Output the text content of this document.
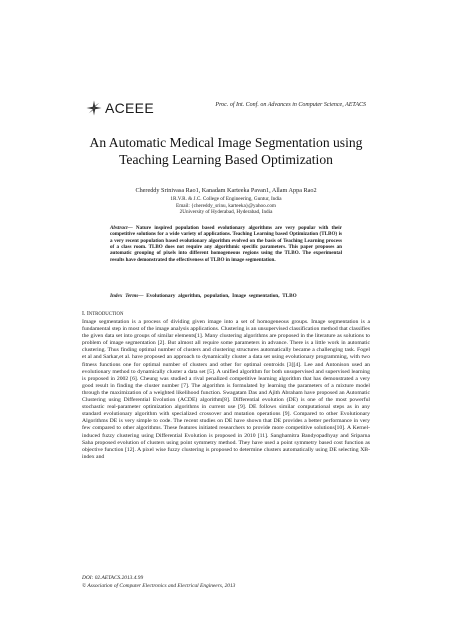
ACEEE	Proc. of Int. Conf. on Advances in Computer Science, AETACS
An Automatic Medical Image Segmentation using
Teaching Learning Based Optimization
Chereddy Srinivasa Rao1, Kanadam Karteeka Pavan1, Allam Appa Rao2
1R.V.R. & J.C. College of Engineering, Guntur, India
Email: {chereddy_srinu, karteeka}@yahoo.com
2University of Hyderabad, Hyderabad, India
Abstract— Nature inspired population based evolutionary algorithms are very popular with their competitive solutions for a wide variety of applications. Teaching Learning based Optimization (TLBO) is a very recent population based evolutionary algorithm evolved on the basis of Teaching Learning process of a class room. TLBO does not require any algorithmic specific parameters. This paper proposes an automatic grouping of pixels into different homogeneous regions using the TLBO. The experimental results have demonstrated the effectiveness of TLBO in image segmentation.
Index Terms— Evolutionary algorithm, population, Image segmentation, TLBO
I. INTRODUCTION
Image segmentation is a process of dividing given image into a set of homogeneous groups. Image segmentation is a fundamental step in most of the image analysis applications. Clustering is an unsupervised classification method that classifies the given data set into groups of similar elements[1]. Many clustering algorithms are proposed in the literature as solutions to problem of image segmentation [2]. But almost all require some parameters in advance. There is a little work in automatic clustering. Thus finding optimal number of clusters and clustering structures automatically became a challenging task. Fogel et al and Sarkar,et al. have proposed an approach to dynamically cluster a data set using evolutionary programming, with two fitness functions one for optimal number of clusters and other for optimal centroids [3][4]. Lee and Antonison used an evolutionary method to dynamically cluster a data set [5]. A unified algorithm for both unsupervised and supervised learning is proposed in 2002 [6]. Cheung was studied a rival penalized competitive learning algorithm that has demonstrated a very good result in finding the cluster number [7]. The algorithm is formulated by learning the parameters of a mixture model through the maximization of a weighted likelihood function. Swagatam Das and Ajith Abraham have proposed an Automatic Clustering using Differential Evolution (ACDE) algorithm[8]. Differential evolution (DE) is one of the most powerful stochastic real-parameter optimization algorithms in current use [9]. DE follows similar computational steps as in any standard evolutionary algorithm with specialized crossover and mutation operations [9]. Compared to other Evolutionary Algorithms DE is very simple to code. The recent studies on DE have shown that DE provides a better performance in very few compared to other algorithms. These features initiated researchers to provide more competitive solutions[10]. A Kernel-induced fuzzy clustering using Differential Evolution is proposed in 2010 [11]. Sanghamitra Bandyopadhyay and Sriparna Saha proposed evolution of clusters using point symmetry method. They have used a point symmetry based cost function as objective function [12]. A pixel wise fuzzy clustering is proposed to determine clusters automatically using DE selecting XB-index and
DOI: 02.AETACS.2013.4.99
© Association of Computer Electronics and Electrical Engineers, 2013
